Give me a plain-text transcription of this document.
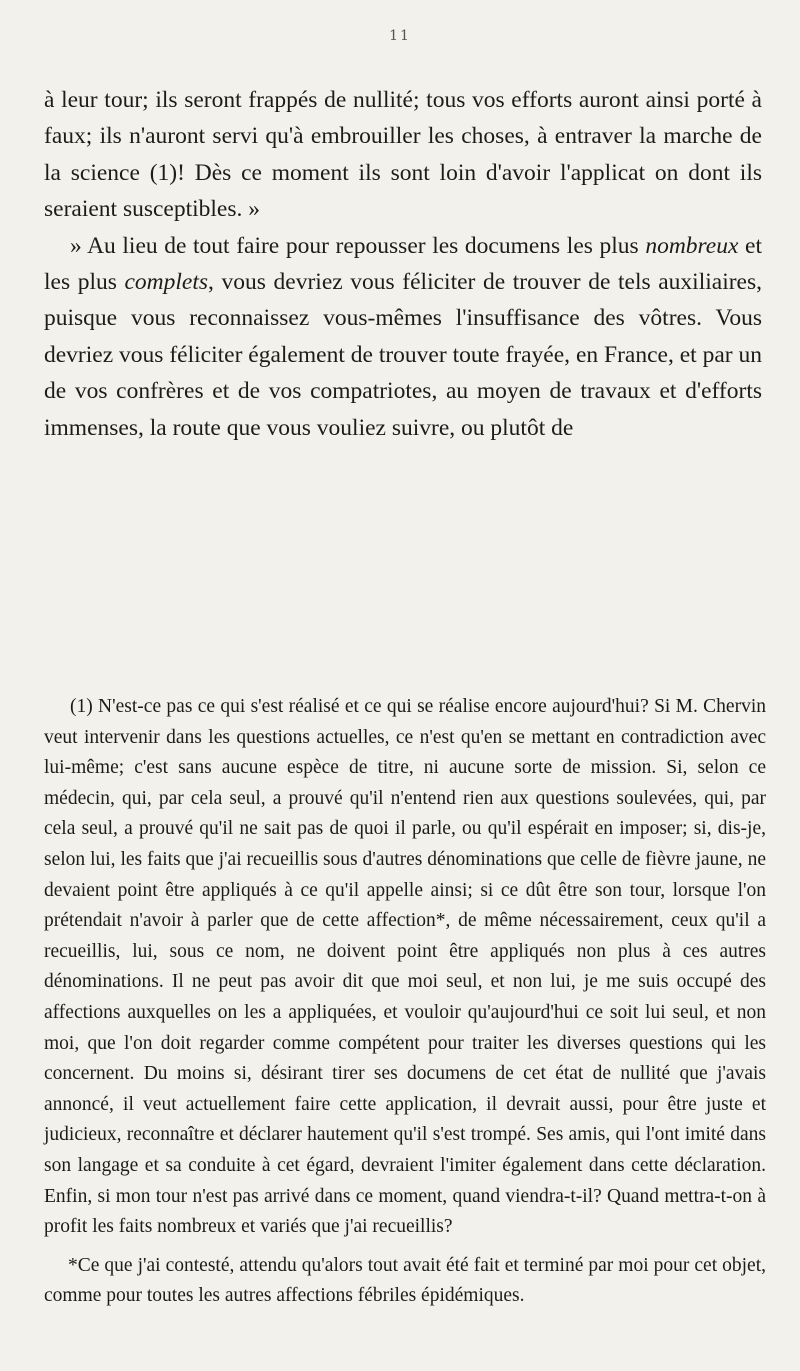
11

à leur tour; ils seront frappés de nullité; tous vos efforts auront ainsi porté à faux; ils n'auront servi qu'à embrouiller les choses, à entraver la marche de la science (1)! Dès ce moment ils sont loin d'avoir l'applicat on dont ils seraient susceptibles. »

» Au lieu de tout faire pour repousser les documens les plus nombreux et les plus complets, vous devriez vous féliciter de trouver de tels auxiliaires, puisque vous reconnaissez vous-mêmes l'insuffisance des vôtres. Vous devriez vous féliciter également de trouver toute frayée, en France, et par un de vos confrères et de vos compatriotes, au moyen de travaux et d'efforts immenses, la route que vous vouliez suivre, ou plutôt de

(1) N'est-ce pas ce qui s'est réalisé et ce qui se réalise encore aujourd'hui? Si M. Chervin veut intervenir dans les questions actuelles, ce n'est qu'en se mettant en contradiction avec lui-même; c'est sans aucune espèce de titre, ni aucune sorte de mission. Si, selon ce médecin, qui, par cela seul, a prouvé qu'il n'entend rien aux questions soulevées, qui, par cela seul, a prouvé qu'il ne sait pas de quoi il parle, ou qu'il espérait en imposer; si, dis-je, selon lui, les faits que j'ai recueillis sous d'autres dénominations que celle de fièvre jaune, ne devaient point être appliqués à ce qu'il appelle ainsi; si ce dût être son tour, lorsque l'on prétendait n'avoir à parler que de cette affection*, de même nécessairement, ceux qu'il a recueillis, lui, sous ce nom, ne doivent point être appliqués non plus à ces autres dénominations. Il ne peut pas avoir dit que moi seul, et non lui, je me suis occupé des affections auxquelles on les a appliquées, et vouloir qu'aujourd'hui ce soit lui seul, et non moi, que l'on doit regarder comme compétent pour traiter les diverses questions qui les concernent. Du moins si, désirant tirer ses documens de cet état de nullité que j'avais annoncé, il veut actuellement faire cette application, il devrait aussi, pour être juste et judicieux, reconnaître et déclarer hautement qu'il s'est trompé. Ses amis, qui l'ont imité dans son langage et sa conduite à cet égard, devraient l'imiter également dans cette déclaration. Enfin, si mon tour n'est pas arrivé dans ce moment, quand viendra-t-il? Quand mettra-t-on à profit les faits nombreux et variés que j'ai recueillis?

*Ce que j'ai contesté, attendu qu'alors tout avait été fait et terminé par moi pour cet objet, comme pour toutes les autres affections fébriles épidémiques.
